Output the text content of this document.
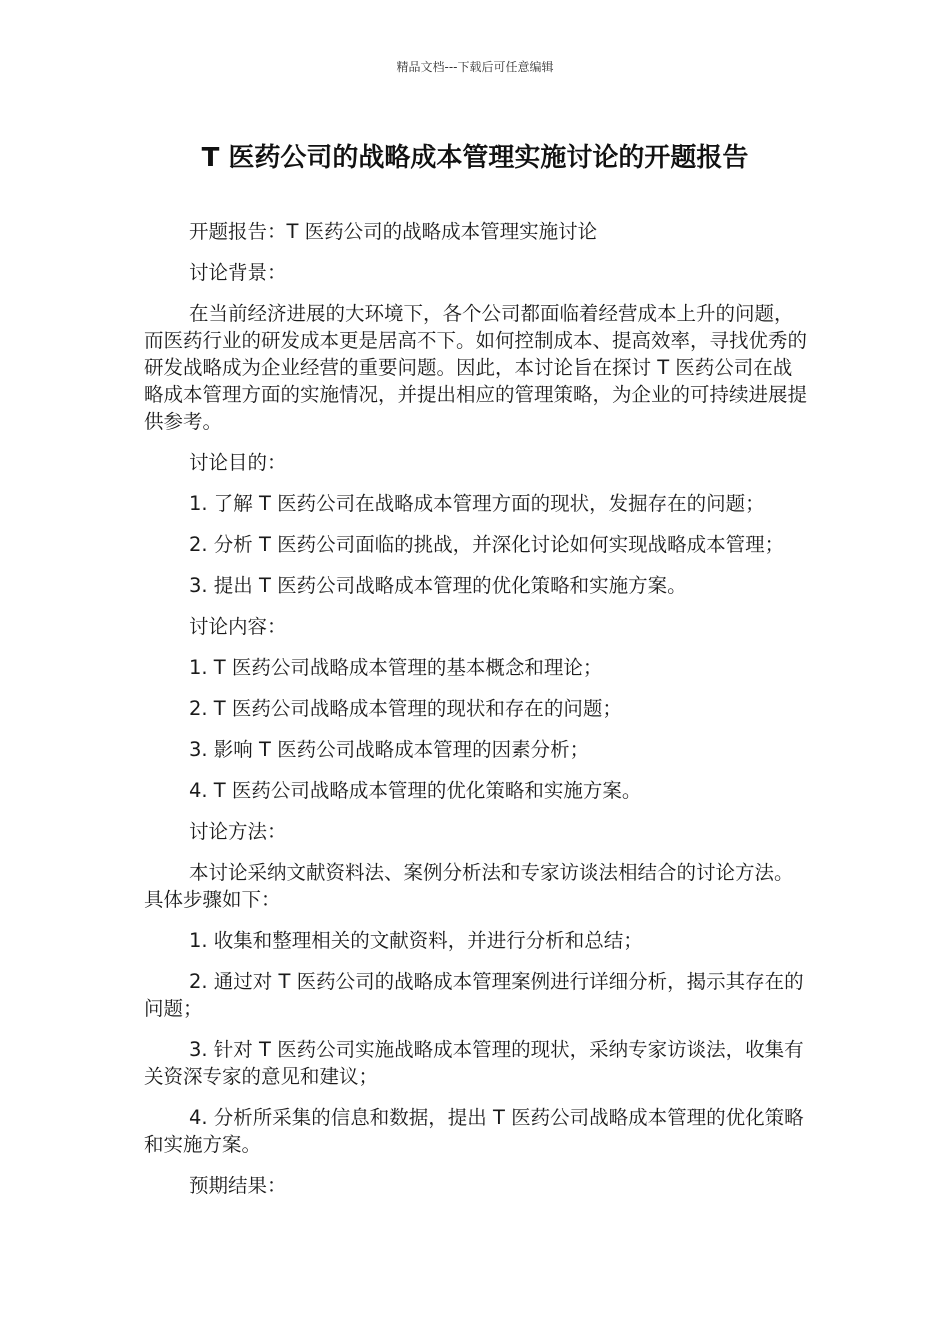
精品文档---下载后可任意编辑
T 医药公司的战略成本管理实施讨论的开题报告

开题报告：T 医药公司的战略成本管理实施讨论

讨论背景：

在当前经济进展的大环境下，各个公司都面临着经营成本上升的问题，而医药行业的研发成本更是居高不下。如何控制成本、提高效率，寻找优秀的研发战略成为企业经营的重要问题。因此，本讨论旨在探讨 T 医药公司在战略成本管理方面的实施情况，并提出相应的管理策略，为企业的可持续进展提供参考。

讨论目的：

1. 了解 T 医药公司在战略成本管理方面的现状，发掘存在的问题；

2. 分析 T 医药公司面临的挑战，并深化讨论如何实现战略成本管理；

3. 提出 T 医药公司战略成本管理的优化策略和实施方案。

讨论内容：

1. T 医药公司战略成本管理的基本概念和理论；

2. T 医药公司战略成本管理的现状和存在的问题；

3. 影响 T 医药公司战略成本管理的因素分析；

4. T 医药公司战略成本管理的优化策略和实施方案。

讨论方法：

本讨论采纳文献资料法、案例分析法和专家访谈法相结合的讨论方法。具体步骤如下：

1. 收集和整理相关的文献资料，并进行分析和总结；

2. 通过对 T 医药公司的战略成本管理案例进行详细分析，揭示其存在的问题；

3. 针对 T 医药公司实施战略成本管理的现状，采纳专家访谈法，收集有关资深专家的意见和建议；

4. 分析所采集的信息和数据，提出 T 医药公司战略成本管理的优化策略和实施方案。

预期结果：
